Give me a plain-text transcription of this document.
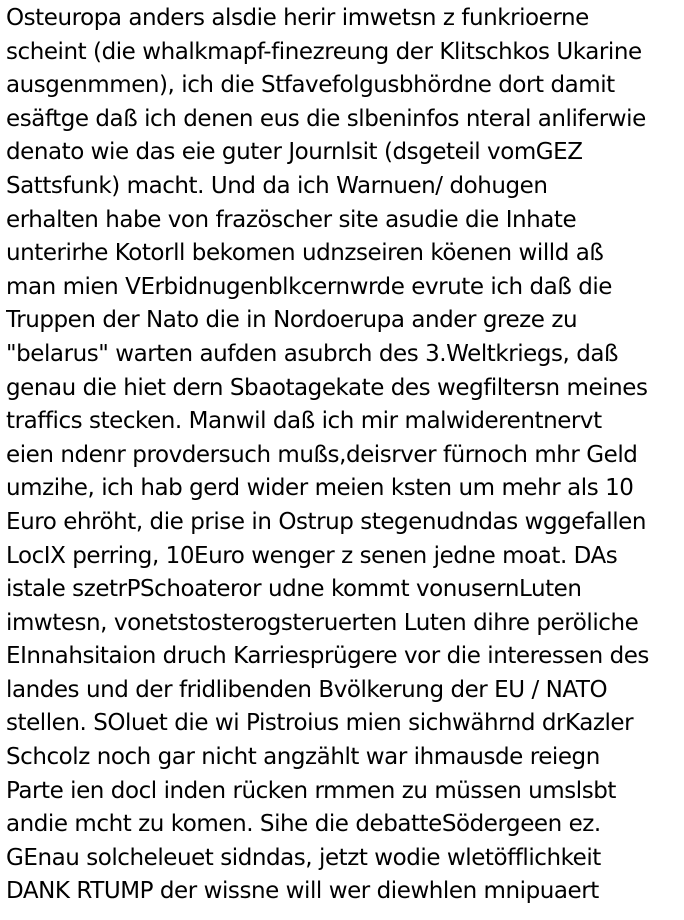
Osteuropa anders alsdie herir imwetsn z funkrioerne
scheint (die whalkmapf-finezreung der Klitschkos Ukarine
ausgenmmen), ich die Stfavefolgusbhördne dort damit
esäftge daß ich denen eus die slbeninfos nteral anliferwie
denato wie das eie guter Journlsit (dsgeteil vomGEZ
Sattsfunk) macht. Und da ich Warnuen/ dohugen
erhalten habe von frazöscher site asudie die Inhate
unterirhe Kotorll bekomen udnzseiren köenen willd aß
man mien VErbidnugenblkcernwrde evrute ich daß die
Truppen der Nato die in Nordoerupa ander greze zu
"belarus" warten aufden asubrch des 3.Weltkriegs, daß
genau die hiet dern Sbaotagekate des wegfiltersn meines
traffics stecken. Manwil daß ich mir malwiderentnervt
eien ndenr provdersuch mußs,deisrver fürnoch mhr Geld
umzihe, ich hab gerd wider meien ksten um mehr als 10
Euro ehröht, die prise in Ostrup stegenudndas wggefallen
LocIX perring, 10Euro wenger z senen jedne moat. DAs
istale szetrPSchoateror udne kommt vonusernLuten
imwtesn, vonetstosterogsteruerten Luten dihre peröliche
EInnahsitaion druch Karriesprügere vor die interessen des
landes und der fridlibenden Bvölkerung der EU / NATO
stellen. SOluet die wi Pistroius mien sichwährnd drKazler
Schcolz noch gar nicht angzählt war ihmausde reiegn
Parte ien docl inden rücken rmmen zu müssen umslsbt
andie mcht zu komen. Sihe die debatteSödergeen ez.
GEnau solcheleuet sidndas, jetzt wodie wletöfflichkeit
DANK RTUMP der wissne will wer diewhlen mnipuaert
